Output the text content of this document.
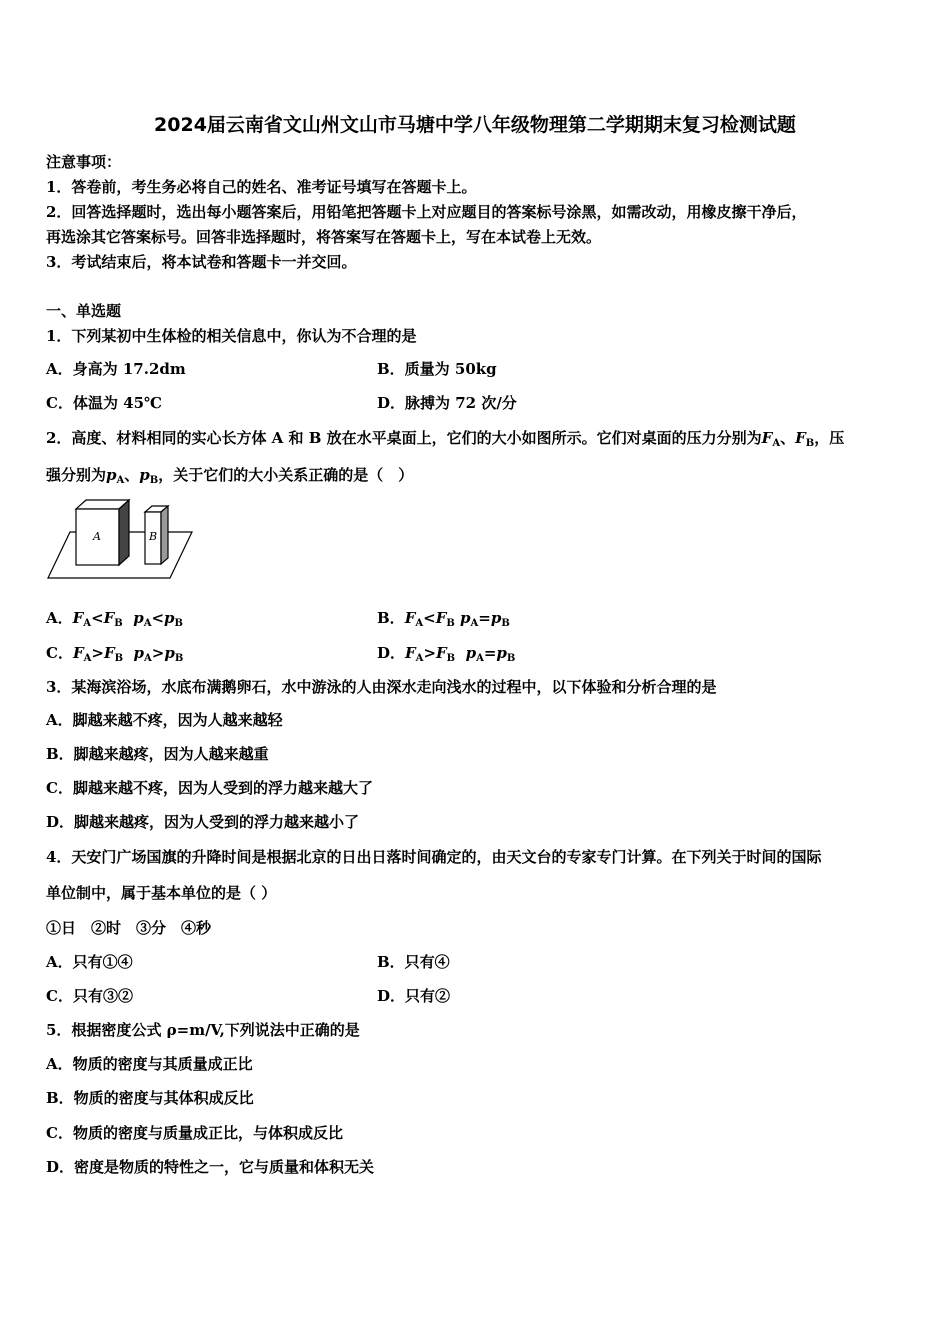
2024届云南省文山州文山市马塘中学八年级物理第二学期期末复习检测试题
注意事项：
1．答卷前，考生务必将自己的姓名、准考证号填写在答题卡上。
2．回答选择题时，选出每小题答案后，用铅笔把答题卡上对应题目的答案标号涂黑，如需改动，用橡皮擦干净后，
再选涂其它答案标号。回答非选择题时，将答案写在答题卡上，写在本试卷上无效。
3．考试结束后，将本试卷和答题卡一并交回。
一、单选题
1．下列某初中生体检的相关信息中，你认为不合理的是
A．身高为 17.2dm	B．质量为 50kg
C．体温为 45℃	D．脉搏为 72 次/分
2．高度、材料相同的实心长方体 A 和 B 放在水平桌面上，它们的大小如图所示。它们对桌面的压力分别为$F_A$、$F_B$，压
强分别为$p_A$、$p_B$，关于它们的大小关系正确的是（　）
A	B
A．$F_A<F_B$ $p_A<p_B$	B．$F_A<F_B$ $p_A=p_B$
C．$F_A>F_B$ $p_A>p_B$	D．$F_A>F_B$ $p_A=p_B$
3．某海滨浴场，水底布满鹅卵石，水中游泳的人由深水走向浅水的过程中，以下体验和分析合理的是
A．脚越来越不疼，因为人越来越轻
B．脚越来越疼，因为人越来越重
C．脚越来越不疼，因为人受到的浮力越来越大了
D．脚越来越疼，因为人受到的浮力越来越小了
4．天安门广场国旗的升降时间是根据北京的日出日落时间确定的，由天文台的专家专门计算。在下列关于时间的国际
单位制中，属于基本单位的是（ ）
①日　②时　③分　④秒
A．只有①④	B．只有④
C．只有③②	D．只有②
5．根据密度公式 ρ=m/V,下列说法中正确的是
A．物质的密度与其质量成正比
B．物质的密度与其体积成反比
C．物质的密度与质量成正比，与体积成反比
D．密度是物质的特性之一，它与质量和体积无关
